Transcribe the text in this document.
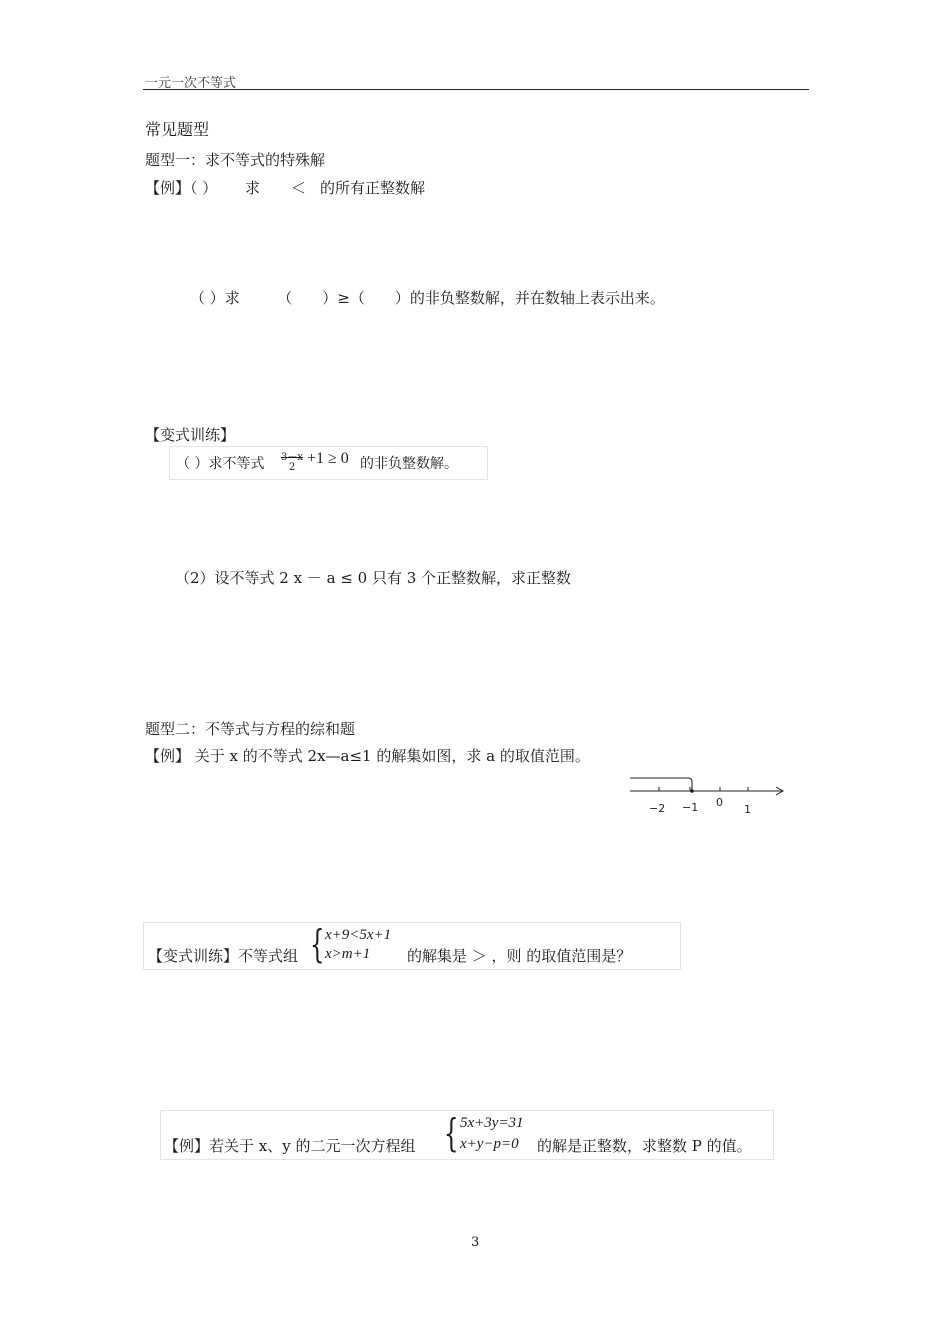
一元一次不等式
常见题型
题型一：求不等式的特殊解
【例】（ ） 求 ＜ 的所有正整数解
（ ）求　　　（　　）≥（　　）的非负整数解，并在数轴上表示出来。
【变式训练】
（ ）求不等式 3－x
2
+1 ≥ 0 的非负整数解。
（2）设不等式 2 x － a ≤ 0 只有 3 个正整数解，求正整数
题型二：不等式与方程的综和题
【例】 关于 x 的不等式 2x—a≤1 的解集如图，求 a 的取值范围。
−2 −1 0
1
【变式训练】不等式组 { x+9<5x+1
x>m+1 的解集是 ＞ ，则 的取值范围是？
【例】若关于 x、y 的二元一次方程组 { 5x+3y=31
x+y−p=0 的解是正整数，求整数 P 的值。
3
